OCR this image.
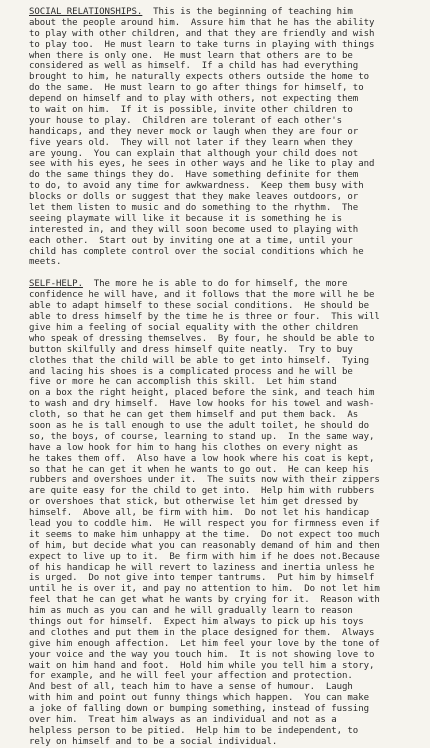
SOCIAL RELATIONSHIPS.  This is the beginning of teaching him
about the people around him.  Assure him that he has the ability
to play with other children, and that they are friendly and wish
to play too.  He must learn to take turns in playing with things
when there is only one.  He must learn that others are to be
considered as well as himself.  If a child has had everything
brought to him, he naturally expects others outside the home to
do the same.  He must learn to go after things for himself, to
depend on himself and to play with others, not expecting them
to wait on him.  If it is possible, invite other children to
your house to play.  Children are tolerant of each other's
handicaps, and they never mock or laugh when they are four or
five years old.  They will not later if they learn when they
are young.  You can explain that although your child does not
see with his eyes, he sees in other ways and he like to play and
do the same things they do.  Have something definite for them
to do, to avoid any time for awkwardness.  Keep them busy with
blocks or dolls or suggest that they make leaves outdoors, or
let them listen to music and do something to the rhythm.  The
seeing playmate will like it because it is something he is
interested in, and they will soon become used to playing with
each other.  Start out by inviting one at a time, until your
child has complete control over the social conditions which he
meets.
SELF-HELP.  The more he is able to do for himself, the more
confidence he will have, and it follows that the more will he be
able to adapt himself to these social conditions.  He should be
able to dress himself by the time he is three or four.  This will
give him a feeling of social equality with the other children
who speak of dressing themselves.  By four, he should be able to
button skilfully and dress himself quite neatly.  Try to buy
clothes that the child will be able to get into himself.  Tying
and lacing his shoes is a complicated process and he will be
five or more he can accomplish this skill.  Let him stand
on a box the right height, placed before the sink, and teach him
to wash and dry himself.  Have low hooks for his towel and wash-
cloth, so that he can get them himself and put them back.  As
soon as he is tall enough to use the adult toilet, he should do
so, the boys, of course, learning to stand up.  In the same way,
have a low hook for him to hang his clothes on every night as
he takes them off.  Also have a low hook where his coat is kept,
so that he can get it when he wants to go out.  He can keep his
rubbers and overshoes under it.  The suits now with their zippers
are quite easy for the child to get into.  Help him with rubbers
or overshoes that stick, but otherwise let him get dressed by
himself.  Above all, be firm with him.  Do not let his handicap
lead you to coddle him.  He will respect you for firmness even if
it seems to make him unhappy at the time.  Do not expect too much
of him, but decide what you can reasonably demand of him and then
expect to live up to it.  Be firm with him if he does not.Because
of his handicap he will revert to laziness and inertia unless he
is urged.  Do not give into temper tantrums.  Put him by himself
until he is over it, and pay no attention to him.  Do not let him
feel that he can get what he wants by crying for it.  Reason with
him as much as you can and he will gradually learn to reason
things out for himself.  Expect him always to pick up his toys
and clothes and put them in the place designed for them.  Always
give him enough affection.  Let him feel your love by the tone of
your voice and the way you touch him.  It is not showing love to
wait on him hand and foot.  Hold him while you tell him a story,
for example, and he will feel your affection and protection.
And best of all, teach him to have a sense of humour.  Laugh
with him and point out funny things which happen.  You can make
a joke of falling down or bumping something, instead of fussing
over him.  Treat him always as an individual and not as a
helpless person to be pitied.  Help him to be independent, to
rely on himself and to be a social individual.
